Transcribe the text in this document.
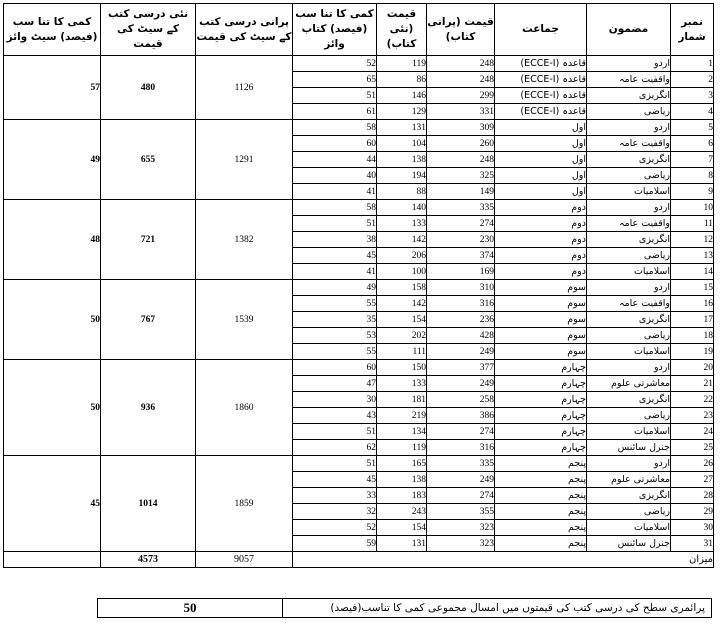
کمی کا تنا سب (فیصد) سیٹ وائز	نئی درسی کتب کے سیٹ کی قیمت	پرانی درسی کتب کے سیٹ کی قیمت	کمی کا تنا سب (فیصد) کتاب وائز	قیمت (نئی کتاب)	قیمت (پرانی کتاب)	جماعت	مضمون	نمبر شمار
57	480	1126	52	119	248	قاعدہ (ECCE-I)	اردو	1
			65	86	248	قاعدہ (ECCE-I)	واقفیت عامہ	2
			51	146	299	قاعدہ (ECCE-I)	انگریزی	3
			61	129	331	قاعدہ (ECCE-I)	ریاضی	4
49	655	1291	58	131	309	اول	اردو	5
			60	104	260	اول	واقفیت عامہ	6
			44	138	248	اول	انگریزی	7
			40	194	325	اول	ریاضی	8
			41	88	149	اول	اسلامیات	9
48	721	1382	58	140	335	دوم	اردو	10
			51	133	274	دوم	واقفیت عامہ	11
			38	142	230	دوم	انگریزی	12
			45	206	374	دوم	ریاضی	13
			41	100	169	دوم	اسلامیات	14
50	767	1539	49	158	310	سوم	اردو	15
			55	142	316	سوم	واقفیت عامہ	16
			35	154	236	سوم	انگریزی	17
			53	202	428	سوم	ریاضی	18
			55	111	249	سوم	اسلامیات	19
50	936	1860	60	150	377	چہارم	اردو	20
			47	133	249	چہارم	معاشرتی علوم	21
			30	181	258	چہارم	انگریزی	22
			43	219	386	چہارم	ریاضی	23
			51	134	274	چہارم	اسلامیات	24
			62	119	316	چہارم	جنرل سائنس	25
45	1014	1859	51	165	335	پنجم	اردو	26
			45	138	249	پنجم	معاشرتی علوم	27
			33	183	274	پنجم	انگریزی	28
			32	243	355	پنجم	ریاضی	29
			52	154	323	پنجم	اسلامیات	30
			59	131	323	پنجم	جنرل سائنس	31
	4573	9057	میزان					
50	پرائمری سطح کی درسی کتب کی قیمتوں میں امسال مجموعی کمی کا تناسب(فیصد)
